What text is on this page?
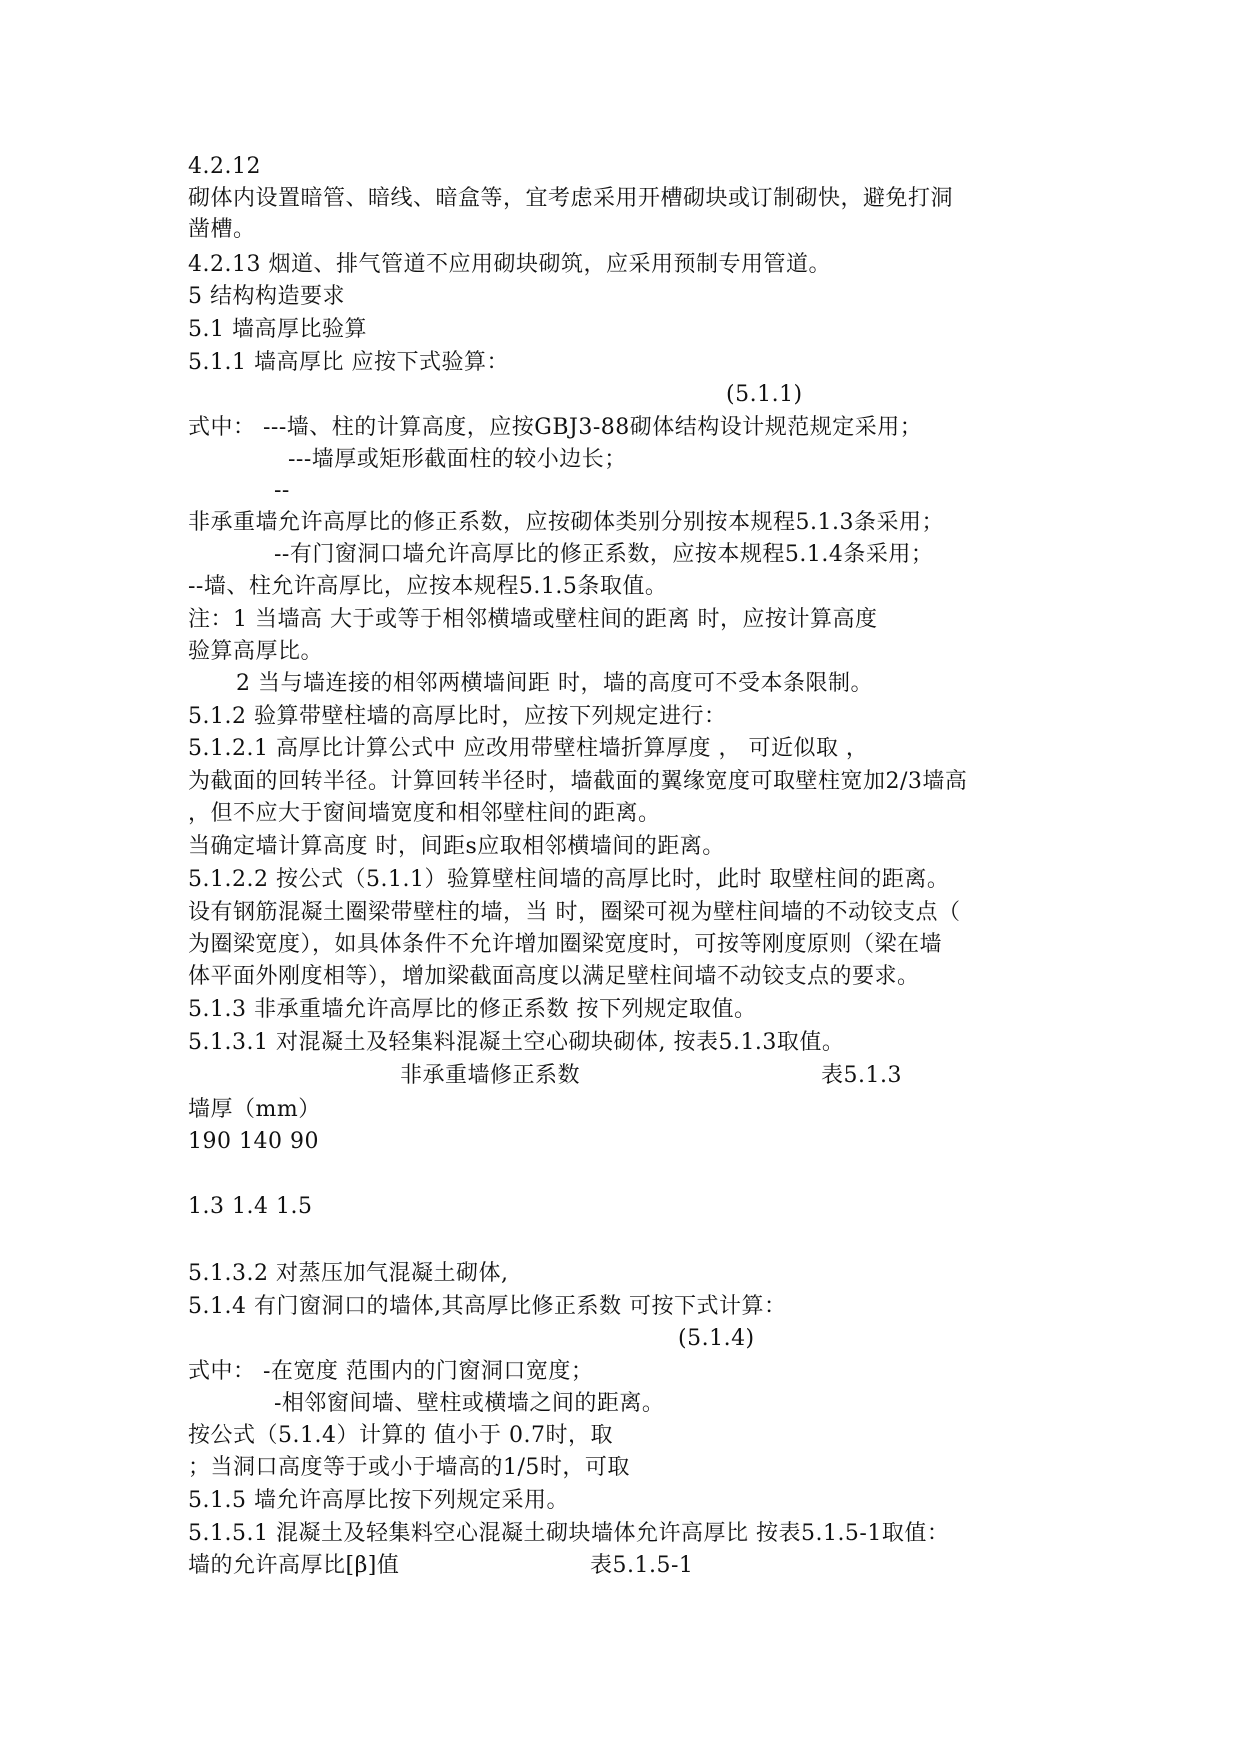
4.2.12
砌体内设置暗管、暗线、暗盒等，宜考虑采用开槽砌块或订制砌快，避免打洞
凿槽。
4.2.13 烟道、排气管道不应用砌块砌筑，应采用预制专用管道。
5 结构构造要求
5.1 墙高厚比验算
5.1.1 墙高厚比 应按下式验算：
(5.1.1)
式中： ---墙、柱的计算高度，应按GBJ3-88砌体结构设计规范规定采用；
---墙厚或矩形截面柱的较小边长；
--
非承重墙允许高厚比的修正系数，应按砌体类别分别按本规程5.1.3条采用；
--有门窗洞口墙允许高厚比的修正系数，应按本规程5.1.4条采用；
--墙、柱允许高厚比，应按本规程5.1.5条取值。
注：1 当墙高 大于或等于相邻横墙或壁柱间的距离 时，应按计算高度
验算高厚比。
2 当与墙连接的相邻两横墙间距 时，墙的高度可不受本条限制。
5.1.2 验算带壁柱墙的高厚比时，应按下列规定进行：
5.1.2.1 高厚比计算公式中 应改用带壁柱墙折算厚度 ， 可近似取 ，
为截面的回转半径。计算回转半径时，墙截面的翼缘宽度可取壁柱宽加2/3墙高
，但不应大于窗间墙宽度和相邻壁柱间的距离。
当确定墙计算高度 时，间距s应取相邻横墙间的距离。
5.1.2.2 按公式（5.1.1）验算壁柱间墙的高厚比时，此时 取壁柱间的距离。
设有钢筋混凝土圈梁带壁柱的墙，当 时，圈梁可视为壁柱间墙的不动铰支点（
为圈梁宽度），如具体条件不允许增加圈梁宽度时，可按等刚度原则（梁在墙
体平面外刚度相等），增加梁截面高度以满足壁柱间墙不动铰支点的要求。
5.1.3 非承重墙允许高厚比的修正系数 按下列规定取值。
5.1.3.1 对混凝土及轻集料混凝土空心砌块砌体, 按表5.1.3取值。
非承重墙修正系数	表5.1.3
墙厚（mm）
190 140 90
1.3 1.4 1.5
5.1.3.2 对蒸压加气混凝土砌体,
5.1.4 有门窗洞口的墙体,其高厚比修正系数 可按下式计算：
(5.1.4)
式中： -在宽度 范围内的门窗洞口宽度；
-相邻窗间墙、壁柱或横墙之间的距离。
按公式（5.1.4）计算的 值小于 0.7时，取
；当洞口高度等于或小于墙高的1/5时，可取
5.1.5 墙允许高厚比按下列规定采用。
5.1.5.1 混凝土及轻集料空心混凝土砌块墙体允许高厚比 按表5.1.5-1取值：
墙的允许高厚比[β]值	表5.1.5-1
